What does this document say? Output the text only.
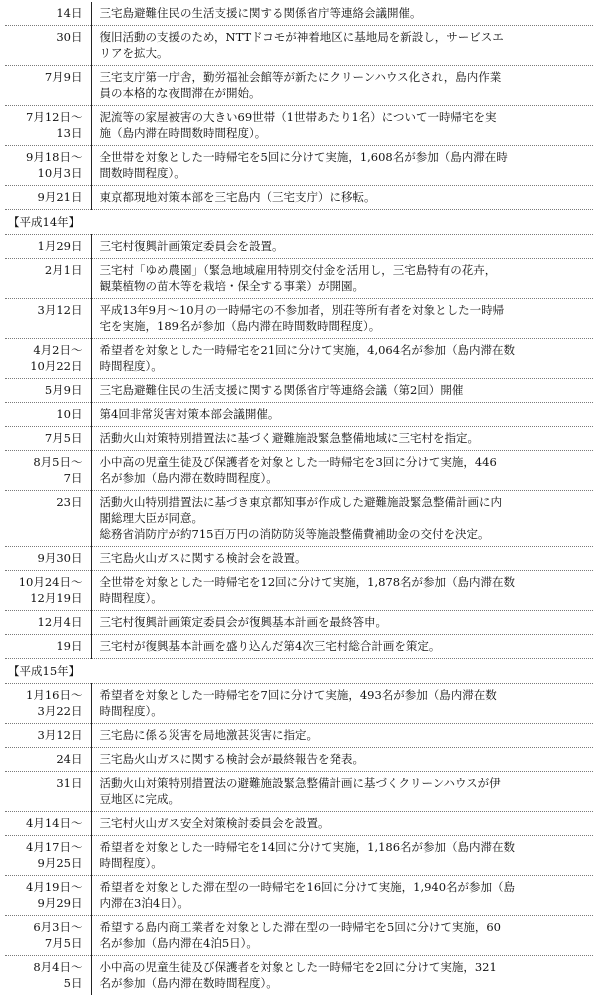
14日	三宅島避難住民の生活支援に関する関係省庁等連絡会議開催。

30日	復旧活動の支援のため，NTTドコモが神着地区に基地局を新設し，サービスエ
リアを拡大。

7月9日	三宅支庁第一庁舎，勤労福祉会館等が新たにクリーンハウス化され，島内作業
員の本格的な夜間滞在が開始。

7月12日～
13日	泥流等の家屋被害の大きい69世帯（1世帯あたり1名）について一時帰宅を実
施（島内滞在時間数時間程度）。

9月18日～
10月3日	全世帯を対象とした一時帰宅を5回に分けて実施，1,608名が参加（島内滞在時
間数時間程度）。

9月21日	東京都現地対策本部を三宅島内（三宅支庁）に移転。

【平成14年】	
1月29日	三宅村復興計画策定委員会を設置。

2月1日	三宅村「ゆめ農園」（緊急地域雇用特別交付金を活用し，三宅島特有の花卉，
観葉植物の苗木等を栽培・保全する事業）が開園。

3月12日	平成13年9月～10月の一時帰宅の不参加者，別荘等所有者を対象とした一時帰
宅を実施，189名が参加（島内滞在時間数時間程度）。

4月2日～
10月22日	希望者を対象とした一時帰宅を21回に分けて実施，4,064名が参加（島内滞在数
時間程度）。

5月9日	三宅島避難住民の生活支援に関する関係省庁等連絡会議（第2回）開催

10日	第4回非常災害対策本部会議開催。

7月5日	活動火山対策特別措置法に基づく避難施設緊急整備地域に三宅村を指定。

8月5日～
7日	小中高の児童生徒及び保護者を対象とした一時帰宅を3回に分けて実施，446
名が参加（島内滞在数時間程度）。

23日	活動火山特別措置法に基づき東京都知事が作成した避難施設緊急整備計画に内
閣総理大臣が同意。
総務省消防庁が約715百万円の消防防災等施設整備費補助金の交付を決定。

9月30日	三宅島火山ガスに関する検討会を設置。

10月24日～
12月19日	全世帯を対象とした一時帰宅を12回に分けて実施，1,878名が参加（島内滞在数
時間程度）。

12月4日	三宅村復興計画策定委員会が復興基本計画を最終答申。

19日	三宅村が復興基本計画を盛り込んだ第4次三宅村総合計画を策定。

【平成15年】	
1月16日～
3月22日	希望者を対象とした一時帰宅を7回に分けて実施，493名が参加（島内滞在数
時間程度）。

3月12日	三宅島に係る災害を局地激甚災害に指定。

24日	三宅島火山ガスに関する検討会が最終報告を発表。

31日	活動火山対策特別措置法の避難施設緊急整備計画に基づくクリーンハウスが伊
豆地区に完成。

4月14日～	三宅村火山ガス安全対策検討委員会を設置。

4月17日～
9月25日	希望者を対象とした一時帰宅を14回に分けて実施，1,186名が参加（島内滞在数
時間程度）。

4月19日～
9月29日	希望者を対象とした滞在型の一時帰宅を16回に分けて実施，1,940名が参加（島
内滞在3泊4日）。

6月3日～
7月5日	希望する島内商工業者を対象とした滞在型の一時帰宅を5回に分けて実施，60
名が参加（島内滞在4泊5日）。

8月4日～
5日	小中高の児童生徒及び保護者を対象とした一時帰宅を2回に分けて実施，321
名が参加（島内滞在数時間程度）。
